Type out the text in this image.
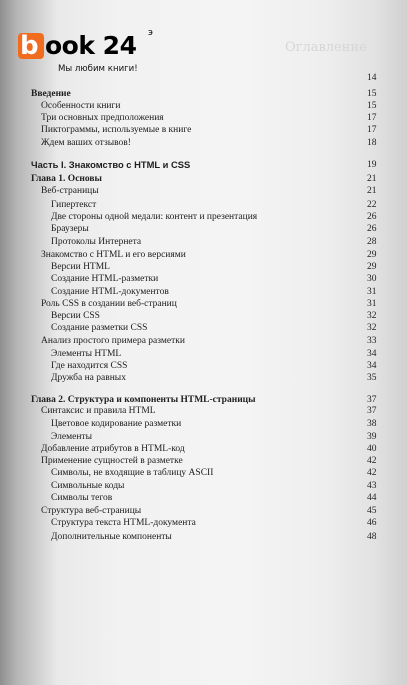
Оглавление
b ook 24 э
Мы любим книги!
14
Введение	15
Особенности книги	15
Три основных предположения	17
Пиктограммы, используемые в книге	17
Ждем ваших отзывов!	18
Часть I. Знакомство с HTML и CSS	19
Глава 1. Основы	21
Веб-страницы	21
Гипертекст	22
Две стороны одной медали: контент и презентация	26
Браузеры	26
Протоколы Интернета	28
Знакомство с HTML и его версиями	29
Версии HTML	29
Создание HTML-разметки	30
Создание HTML-документов	31
Роль CSS в создании веб-страниц	31
Версии CSS	32
Создание разметки CSS	32
Анализ простого примера разметки	33
Элементы HTML	34
Где находится CSS	34
Дружба на равных	35
Глава 2. Структура и компоненты HTML-страницы	37
Синтаксис и правила HTML	37
Цветовое кодирование разметки	38
Элементы	39
Добавление атрибутов в HTML-код	40
Применение сущностей в разметке	42
Символы, не входящие в таблицу ASCII	42
Символьные коды	43
Символы тегов	44
Структура веб-страницы	45
Структура текста HTML-документа	46
Дополнительные компоненты	48
